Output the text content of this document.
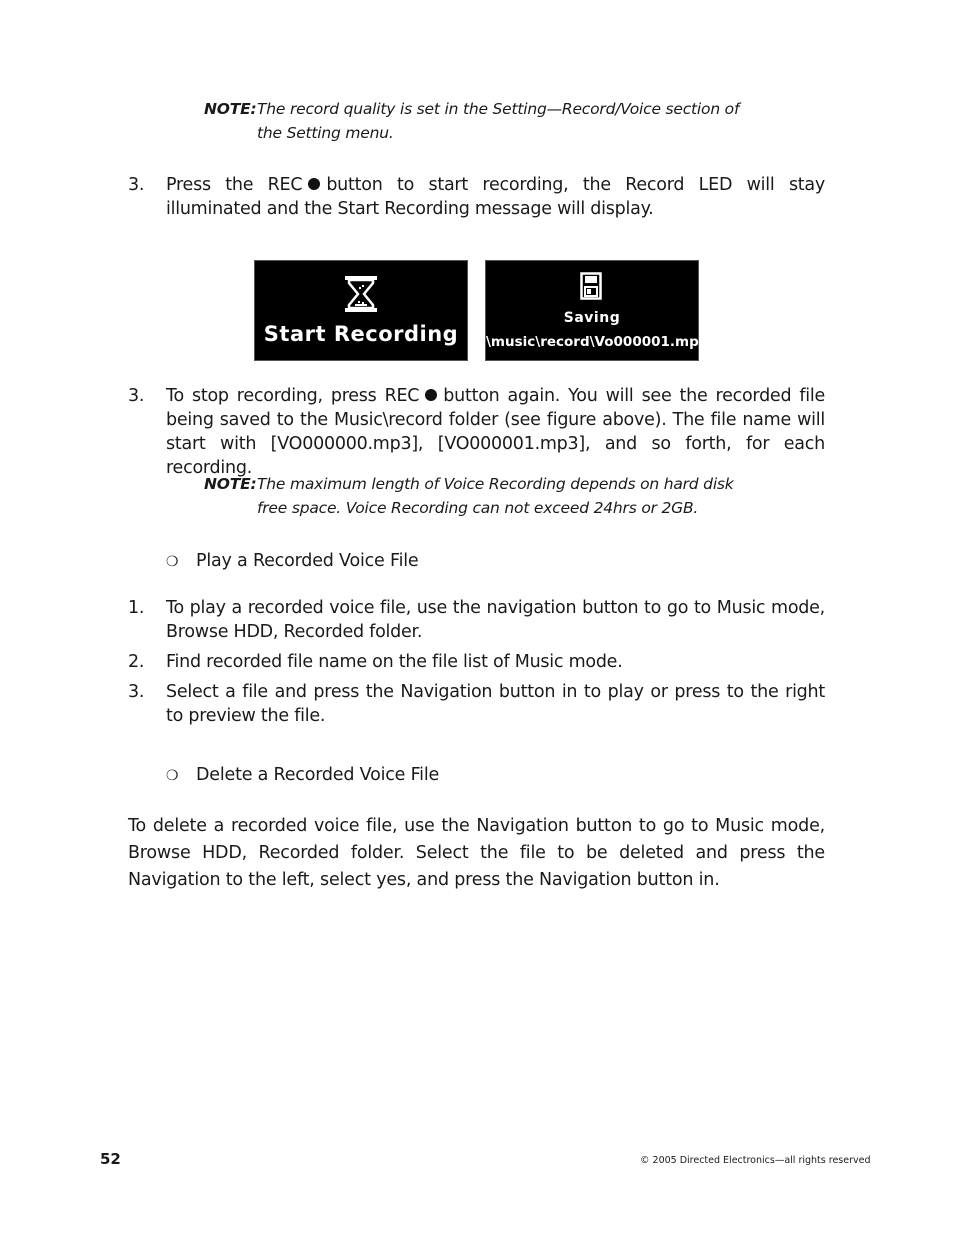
NOTE:The record quality is set in the Setting—Record/Voice section of
the Setting menu.
3.	Press the REC button to start recording, the Record LED will stay illuminated and the Start Recording message will display.
Start Recording
Saving
\music\record\Vo000001.mp3
3.	To stop recording, press REC button again. You will see the recorded file being saved to the Music\record folder (see figure above). The file name will start with [VO000000.mp3], [VO000001.mp3], and so forth, for each recording.
NOTE:The maximum length of Voice Recording depends on hard disk
free space. Voice Recording can not exceed 24hrs or 2GB.
❍ Play a Recorded Voice File
1.	To play a recorded voice file, use the navigation button to go to Music mode, Browse HDD, Recorded folder.
2.	Find recorded file name on the file list of Music mode.
3.	Select a file and press the Navigation button in to play or press to the right to preview the file.
❍ Delete a Recorded Voice File
To delete a recorded voice file, use the Navigation button to go to Music mode, Browse HDD, Recorded folder. Select the file to be deleted and press the Navigation to the left, select yes, and press the Navigation button in.
52	© 2005 Directed Electronics—all rights reserved
